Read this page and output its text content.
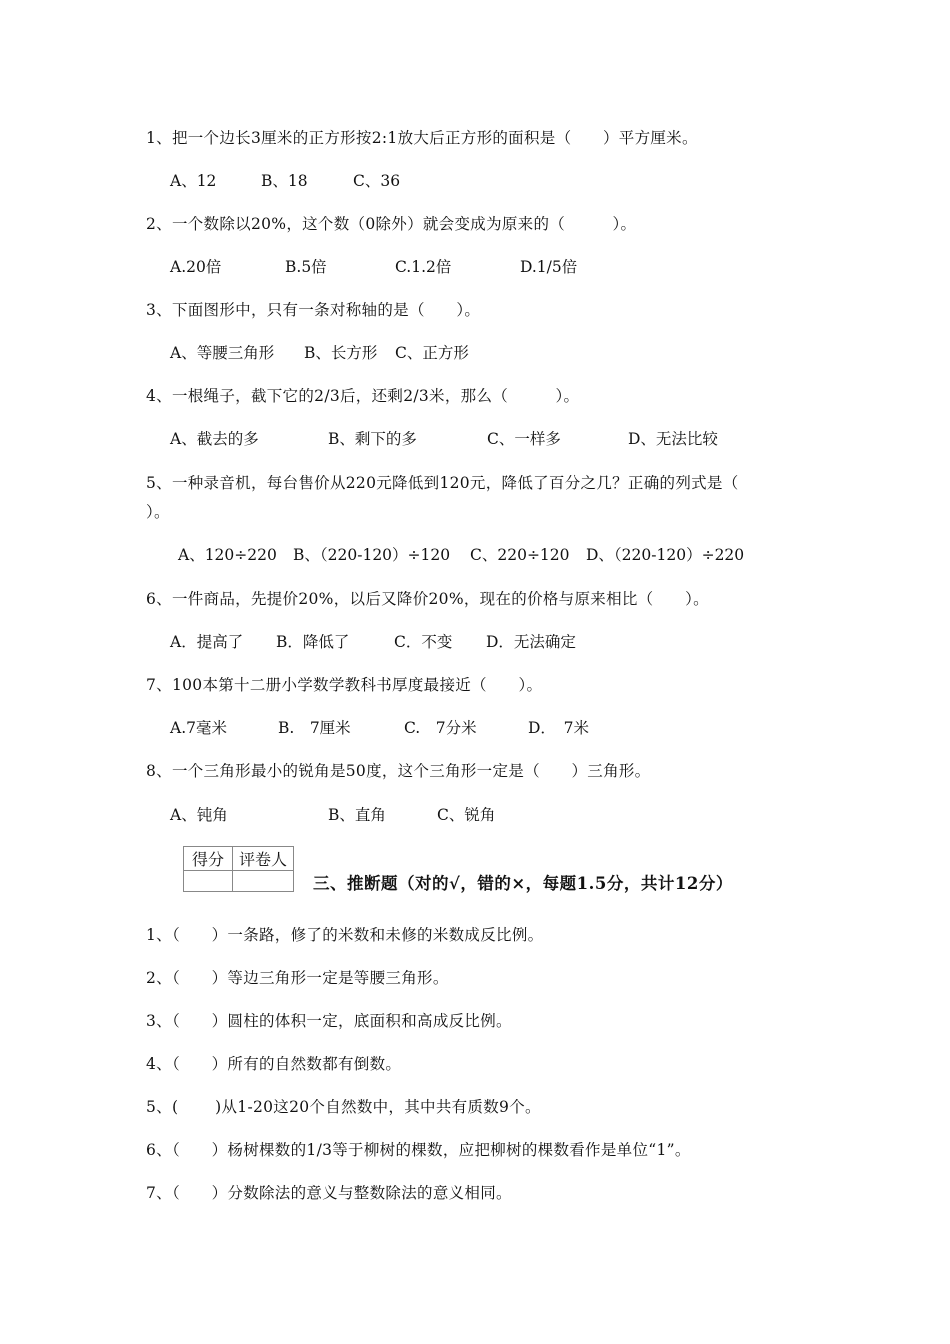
1、把一个边长3厘米的正方形按2:1放大后正方形的面积是（　　）平方厘米。

A、12

	B、18

	C、36

2、一个数除以20%，这个数（0除外）就会变成为原来的（　　　）。

A.20倍

	B.5倍

	C.1.2倍

	D.1/5倍

3、下面图形中，只有一条对称轴的是（　　）。

A、等腰三角形

B、长方形

C、正方形

4、一根绳子，截下它的2/3后，还剩2/3米，那么（　　　）。

A、截去的多

	B、剩下的多

	C、一样多

	D、无法比较

5、一种录音机，每台售价从220元降低到120元，降低了百分之几？正确的列式是（
）。

A、120÷220

B、（220-120）÷120

C、220÷120

D、（220-120）÷220

6、一件商品，先提价20%，以后又降价20%，现在的价格与原来相比（　　）。

A．提高了

B．降低了

	C．不变

D．无法确定

7、100本第十二册小学数学教科书厚度最接近（　　）。

A.7毫米

	B.　7厘米

	C.　7分米

	D．　7米

8、一个三角形最小的锐角是50度，这个三角形一定是（　　）三角形。

A、钝角

	B、直角

	C、锐角

得分	评卷人

三、推断题（对的√，错的×，每题1.5分，共计12分）
1、（　　）一条路，修了的米数和未修的米数成反比例。
2、（　　）等边三角形一定是等腰三角形。
3、（　　）圆柱的体积一定，底面积和高成反比例。
4、（　　）所有的自然数都有倒数。
5、(　　 )从1-20这20个自然数中，其中共有质数9个。
6、（　　）杨树棵数的1/3等于柳树的棵数，应把柳树的棵数看作是单位“1”。
7、（　　）分数除法的意义与整数除法的意义相同。
